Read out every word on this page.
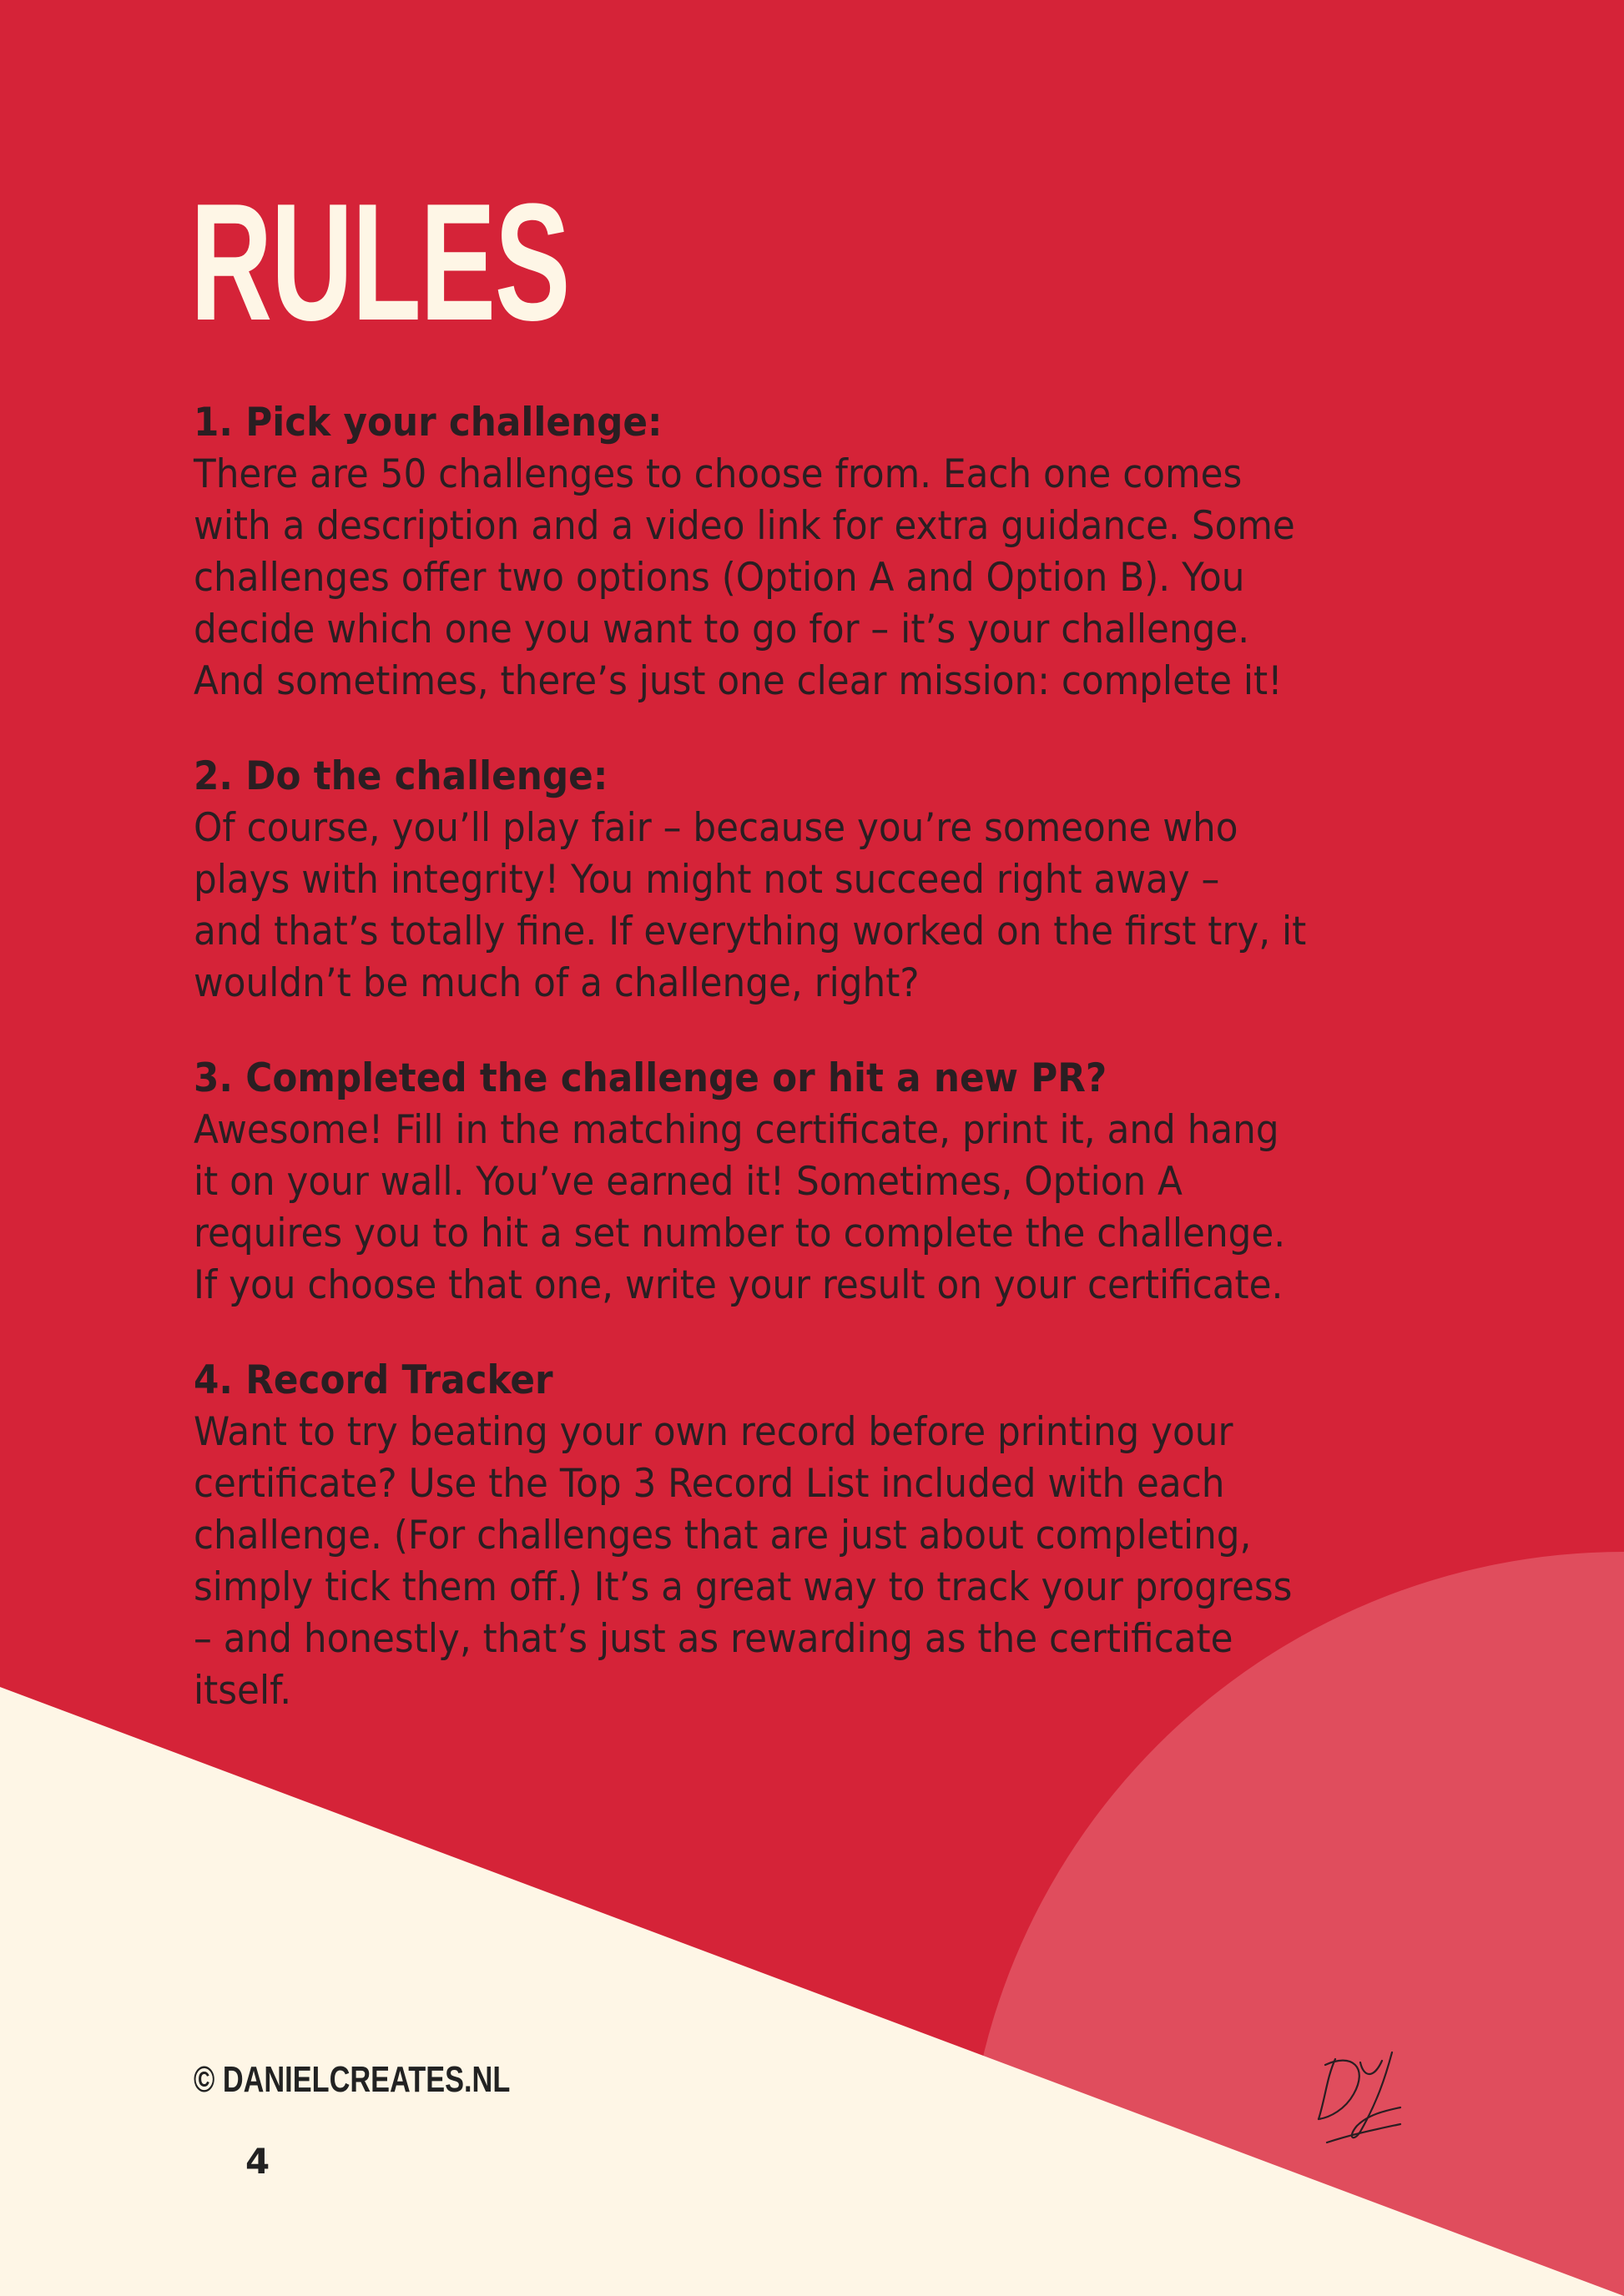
RULES
1. Pick your challenge:

There are 50 challenges to choose from. Each one comes
with a description and a video link for extra guidance. Some
challenges offer two options (Option A and Option B). You
decide which one you want to go for – it’s your challenge.
And sometimes, there’s just one clear mission: complete it!

2. Do the challenge:

Of course, you’ll play fair – because you’re someone who
plays with integrity! You might not succeed right away –
and that’s totally fine. If everything worked on the first try, it
wouldn’t be much of a challenge, right?

3. Completed the challenge or hit a new PR?

Awesome! Fill in the matching certificate, print it, and hang
it on your wall. You’ve earned it! Sometimes, Option A
requires you to hit a set number to complete the challenge.
If you choose that one, write your result on your certificate.

4. Record Tracker

Want to try beating your own record before printing your
certificate? Use the Top 3 Record List included with each
challenge. (For challenges that are just about completing,
simply tick them off.) It’s a great way to track your progress
– and honestly, that’s just as rewarding as the certificate
itself.

© DANIELCREATES.NL
4
